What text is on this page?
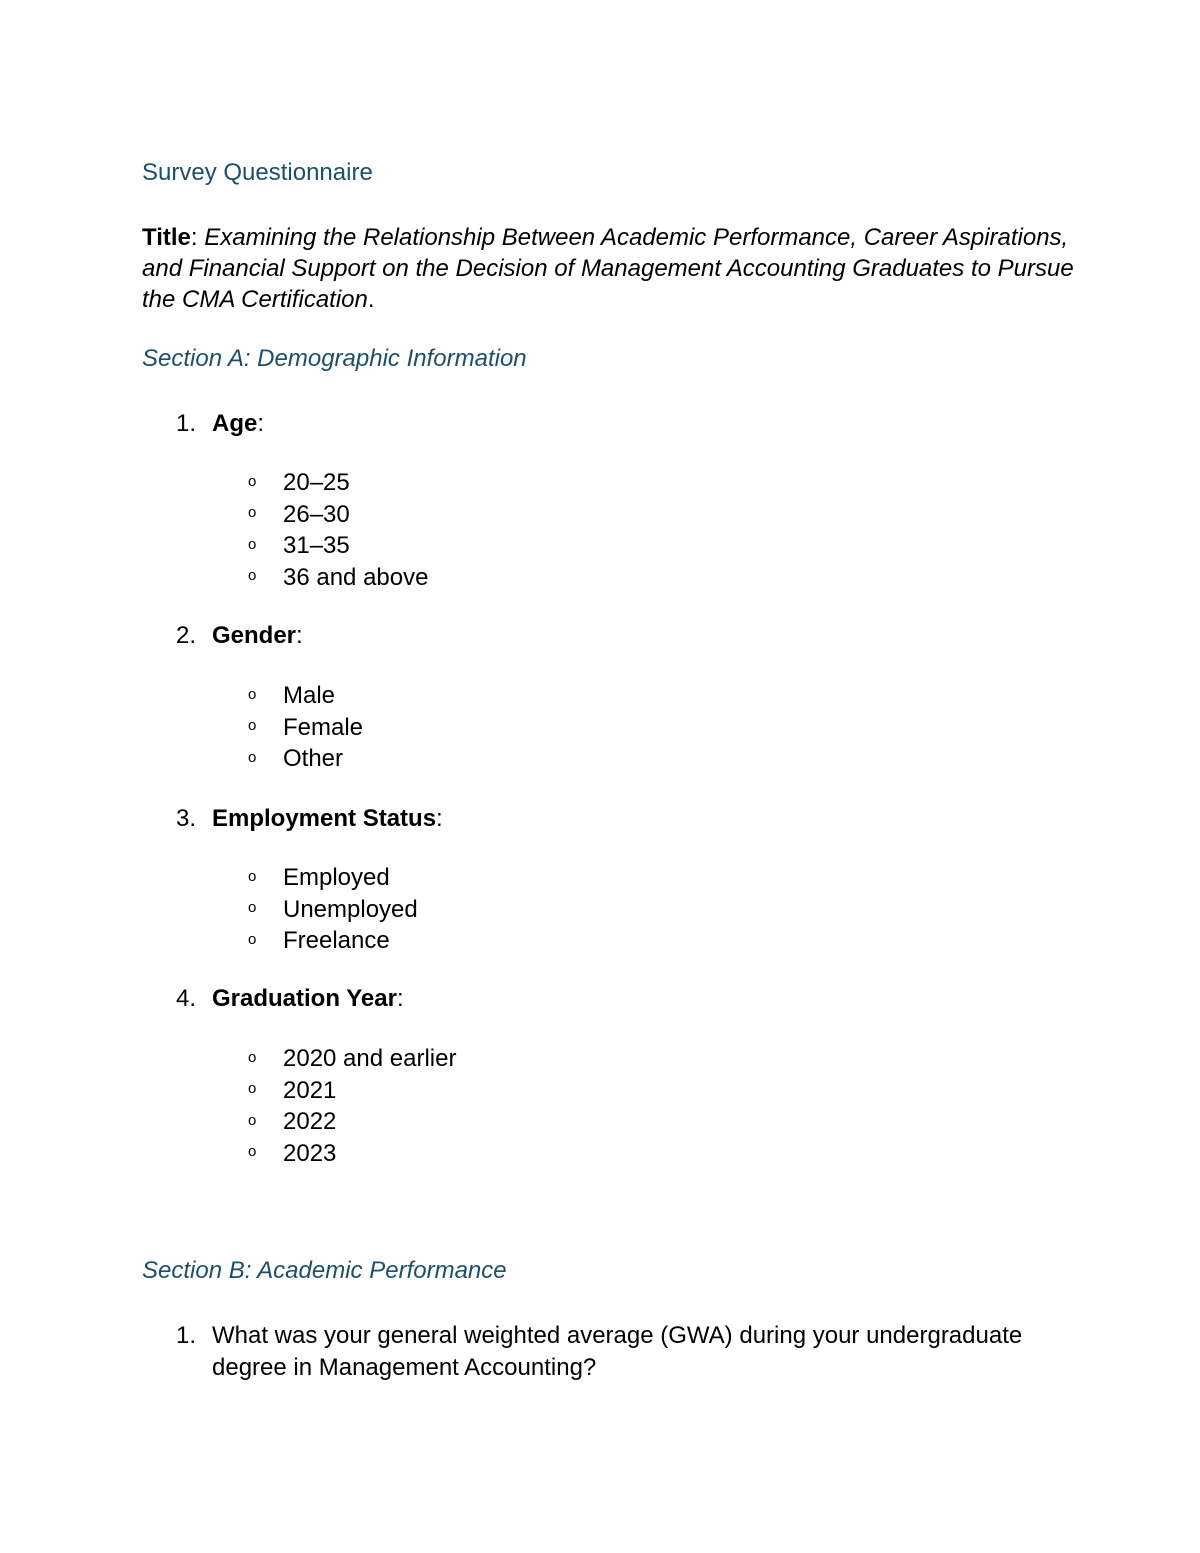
Survey Questionnaire

Title: Examining the Relationship Between Academic Performance, Career Aspirations, and Financial Support on the Decision of Management Accounting Graduates to Pursue the CMA Certification.

Section A: Demographic Information

1. Age:

o 20–25
o 26–30
o 31–35
o 36 and above

2. Gender:

o Male
o Female
o Other

3. Employment Status:

o Employed
o Unemployed
o Freelance

4. Graduation Year:

o 2020 and earlier
o 2021
o 2022
o 2023
Section B: Academic Performance
1. What was your general weighted average (GWA) during your undergraduate degree in Management Accounting?
